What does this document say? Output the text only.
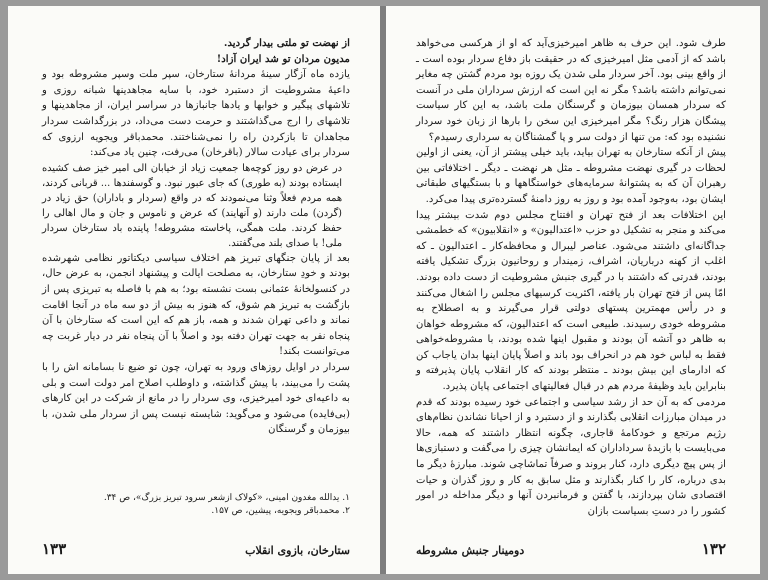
از نهضت تو ملتی بیدار گردید.
مدیون مردان تو شد ایران آزاد!
یازده ماه آزگار سینهٔ مردانهٔ ستارخان، سپر ملت وسپر مشروطه بود و داعیهٔ مشروطیت از دستبرد خود، با سایه مجاهدینها شبانه روزی و تلاشهای پیگیر و خوابها و یادها جانبازها در سراسر ایران، از مجاهدینها و تلاشهای را ارج می‌گذاشتند و حرمت دست می‌داد، در بزرگداشت سردار مجاهدان تا بازکردن راه را نمی‌شناختند. محمدباقر ویجویه ارزوی که سردار برای عیادت سالار (باقرخان) می‌رفت، چنین یاد می‌کند:
در عرض دو روز کوچه‌ها جمعیت زیاد از خیابان الی امیر خیز صف کشیده ایستاده بودند (به طوری) که جای عبور نبود. و گوسفند‌ها ... قربانی کردند، همه مردم فعلاً وثنا می‌نمودند که در واقع (سردار و باداران) حق زیاد در (گردن) ملت دارند (و آنهایند) که عرض و ناموس و جان و مال اهالی را حفظ کردند. ملت همگی، پاخاسته مشروطه! پاینده باد ستارخان سردار ملی! با صدای بلند می‌گفتند.
بعد از پایان جنگهای تبریز هم اختلاف سیاسی دیکتاتور نظامی شهرشده بودند و خودِ ستارخان، به مصلحت ایالت و پیشنهاد انجمن، به عرض حال، در کنسولخانهٔ عثمانی بست نشسته بود؛ به هم با فاصله به تبریزی پس از بازگشت به تبریز هم شوق، که هنوز به بیش از دو سه ماه در آنجا اقامت نماند و داعی تهران شدند و همه، باز هم که این است که ستارخان با آن پنجاه نفر به جهت تهران دفته بود و اصلاً با آن پنجاه نفر در دیار غربت چه می‌توانست بکند!
سردار در اوایل روزهای ورود به تهران، چون تو ضیع نا بسامانه اش را با پشت را می‌بیند، با پیش گذاشته، و داوطلب اصلاح امر دولت است و بلی به داعیه‌ای خود امیرخیزی، وی سردار را در مانع از شرکت در این کارهای (بی‌فایده) می‌شود و می‌گوید: شایسته نیست پس از سردار ملی شدن، با بیوزمان و گرسنگان
۱. یدالله مغدون امینی، «کولاک ازشعر سرود تبریز بزرگ»، ص ۳۴.
۲. محمدباقر ویجویه، پیشین، ص ۱۵۷.
ستارخان، بازوی انقلاب
۱۳۳
طرف شود. این حرف به ظاهر امیرخیزی‌آید که او از هرکسی می‌خواهد باشد که از آدمی مثل امیرخیزی که در حقیقت باز دفاع سردار بوده است ـ از واقع بینی بود. آخر سردار ملی شدن یک روزه بود مردم گشتن چه مغایر نمی‌توانم داشته باشد؟ مگر نه این است که ارزش سرداران ملی در آنست که سردار همسان بیوزمان و گرسنگان ملت باشد، به این کار سیاست پیشگان هزار رنگ؟ مگر امیرخیزی این سخن را بارها از زبان خود سردار نشنیده بود که: من تنها از دولت سر و پا گمشناگان به سرداری رسیدم؟
پیش از آنکه ستارخان به تهران بیاید، باید خیلی پیشتر از آن، یعنی از اولین لحظات در گیری نهضت مشروطه ـ مثل هر نهضت ـ دیگر ـ اختلافاتی بین رهبران آن که به پشتوانهٔ سرمایه‌های خواستگاهها و با بستگیهای طبقاتی ایشان بود، به‌وجود آمده بود و روز به روز دامنهٔ گسترده‌تری پیدا می‌کرد.
این اختلافات بعد از فتح تهران و افتتاح مجلس دوم شدت بیشتر پیدا می‌کند و منجر به تشکیل دو حزب «اعتدالیون» و «انقلابیون» که خطمشی جداگانه‌ای داشتند می‌شود. عناصر لیبرال و محافظه‌کار ـ اعتدالیون ـ که اغلب از کهنه درباریان، اشراف، زمیندار و روحانیون بزرگ تشکیل یافته بودند، قدرتی که داشتند با در گیری جنبش مشروطیت از دست داده بودند. امّا پس از فتح تهران بار یافته، اکثریت کرسیهای مجلس را اشغال می‌کنند و در رأس مهمترین پستهای دولتی قرار می‌گیرند و به اصطلاح به مشروطه خودی رسیدند. طبیعی است که اعتدالیون، که مشروطه خواهان به ظاهر دو آتشه آن بودند و مقبول اینها شده بودند، با مشروطه‌خواهی فقط به لباس خود هم در انحراف بود باند و اصلاً پایان اینها بدان یاجاب کن که ادارمای این بیش بودند ـ منتظر بودند که کار انقلاب پایان پذیرفته و بنابراین باید وظیفهٔ مردم هم در قبال فعالیتهای اجتماعی پایان پذیرد.
مردمی که به آن حد از رشد سیاسی و اجتماعی خود رسیده بودند که قدم در میدان مبارزات انقلابی بگذارند و از دستبرد و از احیانا نشاندن نظام‌های رژیم مرتجع و خودکامهٔ قاجاری، چگونه انتظار داشتند که همه، حالا می‌بایست با بازبدهٔ سرداداران که ایمانشان چیزی را می‌گفت و دستبازی‌ها از پس پیچ دیگری دارد، کنار بروند و صرفاً تماشاچی شوند. مبارزهٔ دیگر ما بدی درباره، کار را کنار بگذارند و مثل سابق به کار و روز گذران و حیات اقتصادی شان بپردازند، با گفتن و فرمانبردن آنها و دیگر مداخله در امور کشور را در دستِ بسیاست بازان
۱۳۲
دومینار جنبش مشروطه
